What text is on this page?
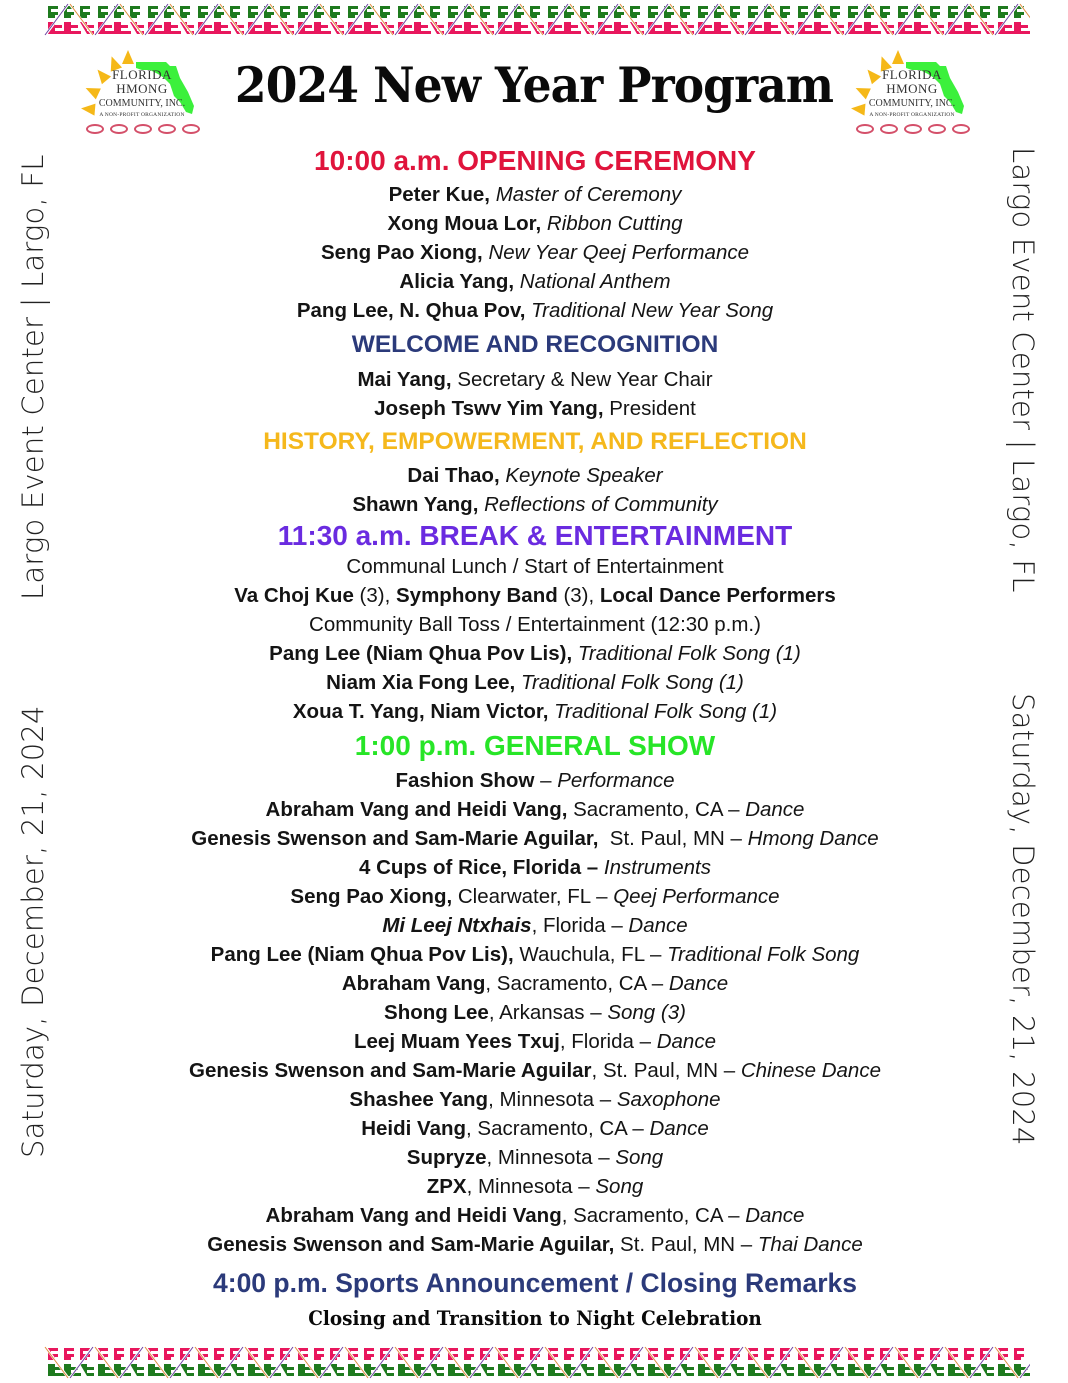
FLORIDA
HMONG
COMMUNITY, INC.
A NON-PROFIT ORGANIZATION
FLORIDA
HMONG
COMMUNITY, INC.
A NON-PROFIT ORGANIZATION
2024 New Year Program
Largo Event Center | Largo, FL
Saturday, December, 21, 2024
Largo Event Center | Largo, FL
Saturday, December, 21, 2024
10:00 a.m. OPENING CEREMONY
Peter Kue, Master of Ceremony
Xong Moua Lor, Ribbon Cutting
Seng Pao Xiong, New Year Qeej Performance
Alicia Yang, National Anthem
Pang Lee, N. Qhua Pov, Traditional New Year Song
WELCOME AND RECOGNITION
Mai Yang, Secretary & New Year Chair
Joseph Tswv Yim Yang, President
HISTORY, EMPOWERMENT, AND REFLECTION
Dai Thao, Keynote Speaker
Shawn Yang, Reflections of Community
11:30 a.m. BREAK & ENTERTAINMENT
Communal Lunch / Start of Entertainment
Va Choj Kue (3), Symphony Band (3), Local Dance Performers
Community Ball Toss / Entertainment (12:30 p.m.)
Pang Lee (Niam Qhua Pov Lis), Traditional Folk Song (1)
Niam Xia Fong Lee, Traditional Folk Song (1)
Xoua T. Yang, Niam Victor, Traditional Folk Song (1)
1:00 p.m. GENERAL SHOW
Fashion Show – Performance
Abraham Vang and Heidi Vang, Sacramento, CA – Dance
Genesis Swenson and Sam-Marie Aguilar,  St. Paul, MN – Hmong Dance
4 Cups of Rice, Florida – Instruments
Seng Pao Xiong, Clearwater, FL – Qeej Performance
Mi Leej Ntxhais, Florida – Dance
Pang Lee (Niam Qhua Pov Lis), Wauchula, FL – Traditional Folk Song
Abraham Vang, Sacramento, CA – Dance
Shong Lee, Arkansas – Song (3)
Leej Muam Yees Txuj, Florida – Dance
Genesis Swenson and Sam-Marie Aguilar, St. Paul, MN – Chinese Dance
Shashee Yang, Minnesota – Saxophone
Heidi Vang, Sacramento, CA – Dance
Supryze, Minnesota – Song
ZPX, Minnesota – Song
Abraham Vang and Heidi Vang, Sacramento, CA – Dance
Genesis Swenson and Sam-Marie Aguilar, St. Paul, MN – Thai Dance
4:00 p.m. Sports Announcement / Closing Remarks
Closing and Transition to Night Celebration
